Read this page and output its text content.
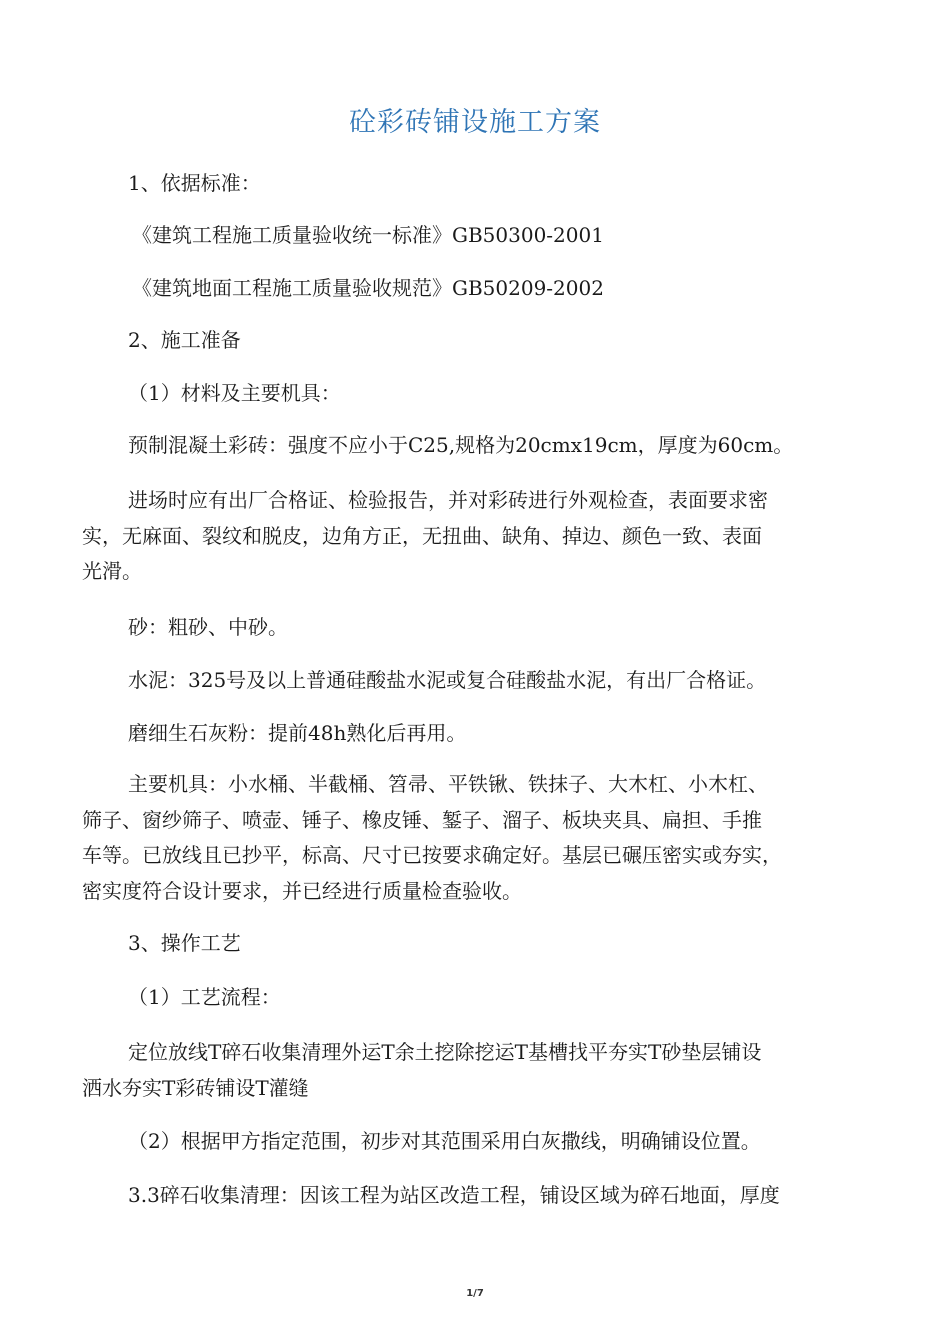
砼彩砖铺设施工方案
1、依据标准：
《建筑工程施工质量验收统一标准》GB50300-2001
《建筑地面工程施工质量验收规范》GB50209-2002
2、施工准备
（1）材料及主要机具：
预制混凝土彩砖：强度不应小于C25,规格为20cmx19cm，厚度为60cm。
进场时应有出厂合格证、检验报告，并对彩砖进行外观检查，表面要求密
实，无麻面、裂纹和脱皮，边角方正，无扭曲、缺角、掉边、颜色一致、表面
光滑。
砂：粗砂、中砂。
水泥：325号及以上普通硅酸盐水泥或复合硅酸盐水泥，有出厂合格证。
磨细生石灰粉：提前48h熟化后再用。
主要机具：小水桶、半截桶、笤帚、平铁锹、铁抹子、大木杠、小木杠、
筛子、窗纱筛子、喷壶、锤子、橡皮锤、錾子、溜子、板块夹具、扁担、手推
车等。已放线且已抄平，标高、尺寸已按要求确定好。基层已碾压密实或夯实，
密实度符合设计要求，并已经进行质量检查验收。
3、操作工艺
（1）工艺流程：
定位放线T碎石收集清理外运T余土挖除挖运T基槽找平夯实T砂垫层铺设
洒水夯实T彩砖铺设T灌缝
（2）根据甲方指定范围，初步对其范围采用白灰撒线，明确铺设位置。
3.3碎石收集清理：因该工程为站区改造工程，铺设区域为碎石地面，厚度
1/7
